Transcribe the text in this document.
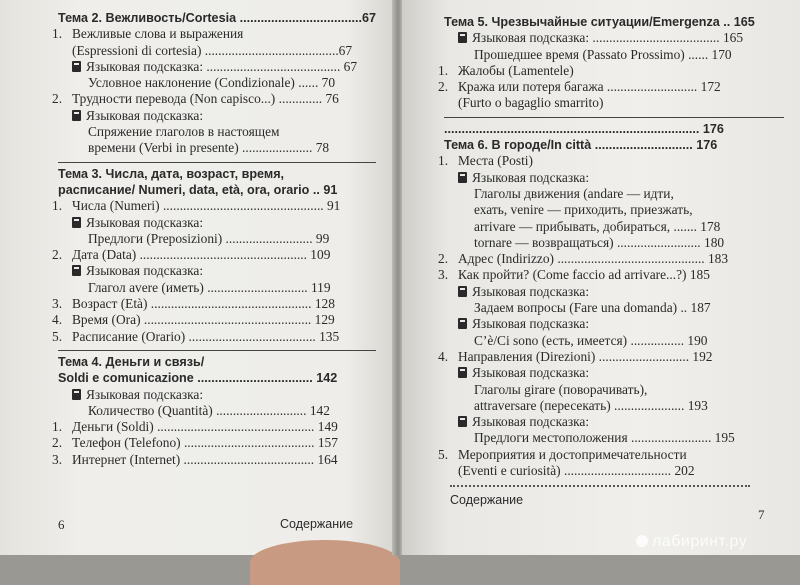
Тема 2. Вежливость/Cortesia ...................................67
1. Вежливые слова и выражения
(Espressioni di cortesia) ........................................67
Языковая подсказка: ........................................ 67
Условное наклонение (Condizionale) ...... 70
2. Трудности перевода (Non capisco...) ............. 76
Языковая подсказка:
Спряжение глаголов в настоящем
времени (Verbi in presente) ..................... 78
Тема 3. Числа, дата, возраст, время,
расписание/ Numeri, data, età, ora, orario .. 91
1. Числа (Numeri) ................................................ 91
Языковая подсказка:
Предлоги (Preposizioni) .......................... 99
2. Дата (Data) .................................................. 109
Языковая подсказка:
Глагол avere (иметь) .............................. 119
3. Возраст (Età) ................................................ 128
4. Время (Ora) .................................................. 129
5. Расписание (Orario) ...................................... 135
Тема 4. Деньги и связь/
Soldi e comunicazione ................................. 142
Языковая подсказка:
Количество (Quantità) ........................... 142
1. Деньги (Soldi) ............................................... 149
2. Телефон (Telefono) ....................................... 157
3. Интернет (Internet) ....................................... 164
6	Содержание
Тема 5. Чрезвычайные ситуации/Emergenza .. 165
Языковая подсказка: ...................................... 165
Прошедшее время (Passato Prossimo) ...... 170
1. Жалобы (Lamentele)
2. Кража или потеря багажа ........................... 172
(Furto o bagaglio smarrito)
......................................................................... 176
Тема 6. В городе/In città ............................ 176
1. Места (Posti)
Языковая подсказка:
Глаголы движения (andare — идти,
ехать, venire — приходить, приезжать,
arrivare — прибывать, добираться, ....... 178
tornare — возвращаться) ......................... 180
2. Адрес (Indirizzo) ............................................ 183
3. Как пройти? (Come faccio ad arrivare...?) 185
Языковая подсказка:
Задаем вопросы (Fare una domanda) .. 187
Языковая подсказка:
C’è/Ci sono (есть, имеется) ................ 190
4. Направления (Direzioni) ........................... 192
Языковая подсказка:
Глаголы girare (поворачивать),
attraversare (пересекать) ..................... 193
Языковая подсказка:
Предлоги местоположения ........................ 195
5. Мероприятия и достопримечательности
(Eventi e curiosità) ................................ 202
Содержание
7
лабиринт.ру
